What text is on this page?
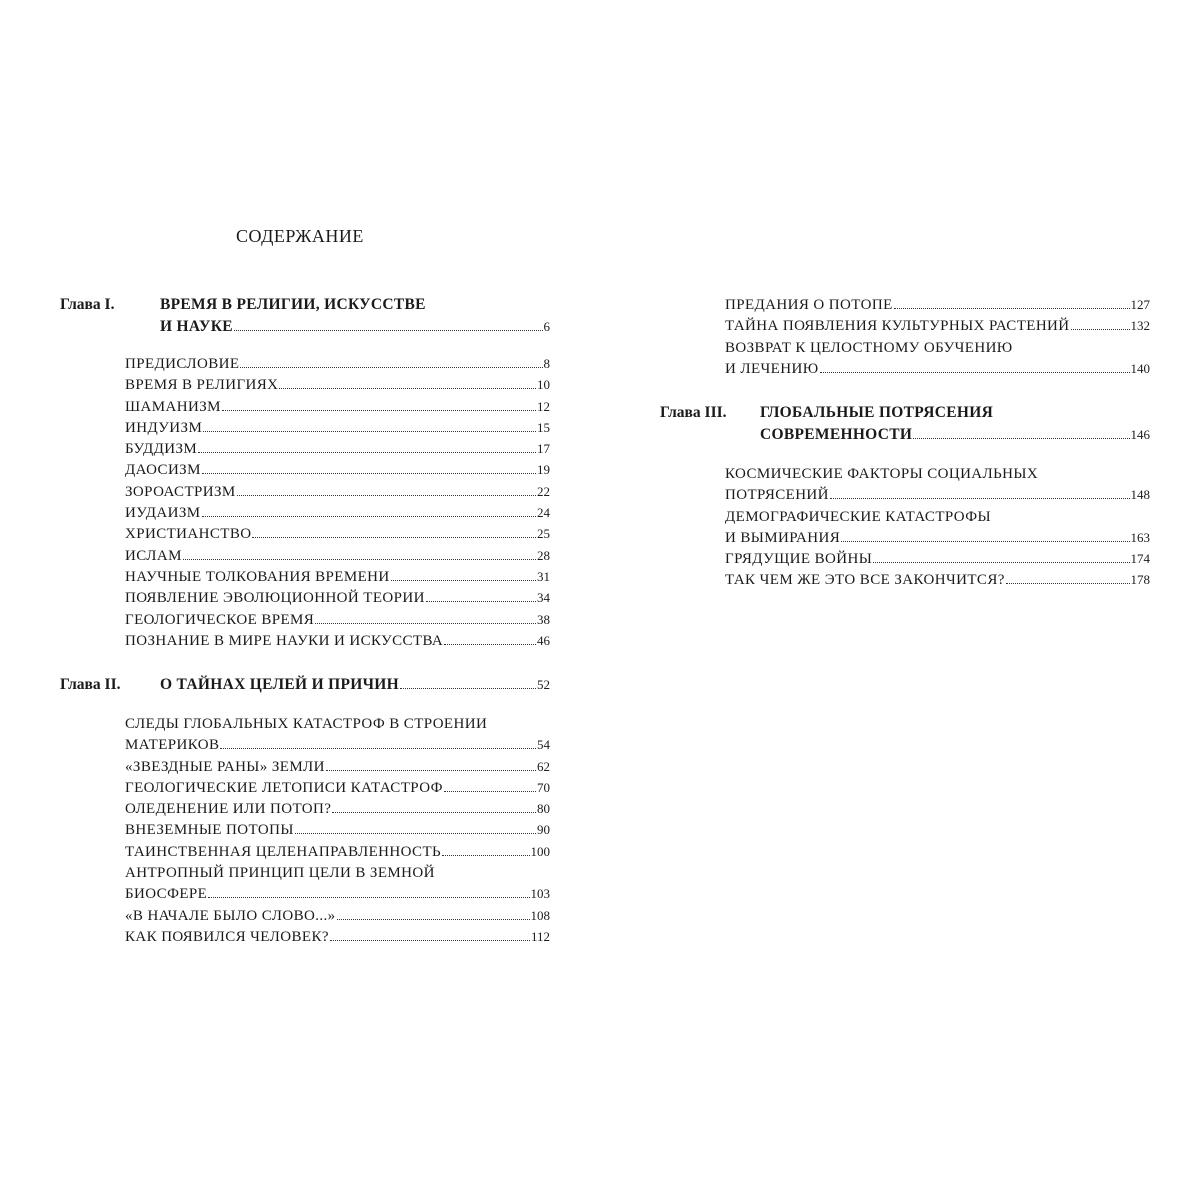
СОДЕРЖАНИЕ
Глава I.	ВРЕМЯ В РЕЛИГИИ, ИСКУССТВЕ
И НАУКЕ	6
ПРЕДИСЛОВИЕ	8
ВРЕМЯ В РЕЛИГИЯХ	10
ШАМАНИЗМ	12
ИНДУИЗМ	15
БУДДИЗМ	17
ДАОСИЗМ	19
ЗОРОАСТРИЗМ	22
ИУДАИЗМ	24
ХРИСТИАНСТВО	25
ИСЛАМ	28
НАУЧНЫЕ ТОЛКОВАНИЯ ВРЕМЕНИ	31
ПОЯВЛЕНИЕ ЭВОЛЮЦИОННОЙ ТЕОРИИ	34
ГЕОЛОГИЧЕСКОЕ ВРЕМЯ	38
ПОЗНАНИЕ В МИРЕ НАУКИ И ИСКУССТВА	46
Глава II.	О ТАЙНАХ ЦЕЛЕЙ И ПРИЧИН	52
СЛЕДЫ ГЛОБАЛЬНЫХ КАТАСТРОФ В СТРОЕНИИ
МАТЕРИКОВ	54
«ЗВЕЗДНЫЕ РАНЫ» ЗЕМЛИ	62
ГЕОЛОГИЧЕСКИЕ ЛЕТОПИСИ КАТАСТРОФ	70
ОЛЕДЕНЕНИЕ ИЛИ ПОТОП?	80
ВНЕЗЕМНЫЕ ПОТОПЫ	90
ТАИНСТВЕННАЯ ЦЕЛЕНАПРАВЛЕННОСТЬ	100
АНТРОПНЫЙ ПРИНЦИП ЦЕЛИ В ЗЕМНОЙ
БИОСФЕРЕ	103
«В НАЧАЛЕ БЫЛО СЛОВО...»	108
КАК ПОЯВИЛСЯ ЧЕЛОВЕК?	112
ПРЕДАНИЯ О ПОТОПЕ	127
ТАЙНА ПОЯВЛЕНИЯ КУЛЬТУРНЫХ РАСТЕНИЙ	132
ВОЗВРАТ К ЦЕЛОСТНОМУ ОБУЧЕНИЮ
И ЛЕЧЕНИЮ	140
Глава III. ГЛОБАЛЬНЫЕ ПОТРЯСЕНИЯ
СОВРЕМЕННОСТИ	146
КОСМИЧЕСКИЕ ФАКТОРЫ СОЦИАЛЬНЫХ
ПОТРЯСЕНИЙ	148
ДЕМОГРАФИЧЕСКИЕ КАТАСТРОФЫ
И ВЫМИРАНИЯ	163
ГРЯДУЩИЕ ВОЙНЫ	174
ТАК ЧЕМ ЖЕ ЭТО ВСЕ ЗАКОНЧИТСЯ?	178
